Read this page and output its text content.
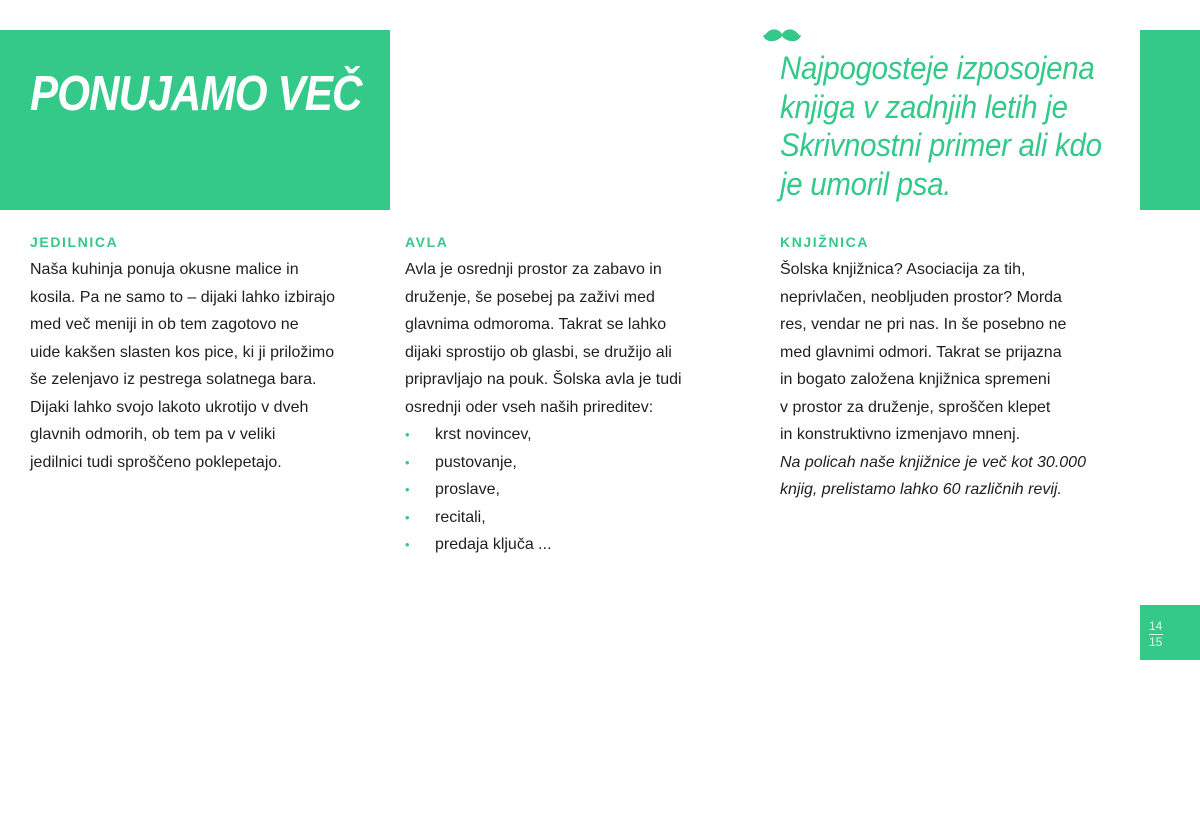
PONUJAMO VEČ	Najpogosteje izposojena
knjiga v zadnjih letih je
Skrivnostni primer ali kdo
je umoril psa.
JEDILNICA

Naša kuhinja ponuja okusne malice in
kosila. Pa ne samo to – dijaki lahko izbirajo
med več meniji in ob tem zagotovo ne
uide kakšen slasten kos pice, ki ji priložimo
še zelenjavo iz pestrega solatnega bara.
Dijaki lahko svojo lakoto ukrotijo v dveh
glavnih odmorih, ob tem pa v veliki
jedilnici tudi sproščeno poklepetajo.

AVLA

Avla je osrednji prostor za zabavo in
druženje, še posebej pa zaživi med
glavnima odmoroma. Takrat se lahko
dijaki sprostijo ob glasbi, se družijo ali
pripravljajo na pouk. Šolska avla je tudi
osrednji oder vseh naših prireditev:

• krst novincev,
• pustovanje,
• proslave,
• recitali,
• predaja ključa ...
KNJIŽNICA

Šolska knjižnica? Asociacija za tih,
neprivlačen, neobljuden prostor? Morda
res, vendar ne pri nas. In še posebno ne
med glavnimi odmori. Takrat se prijazna
in bogato založena knjižnica spremeni
v prostor za druženje, sproščen klepet
in konstruktivno izmenjavo mnenj.

Na policah naše knjižnice je več kot 30.000
knjig, prelistamo lahko 60 različnih revij.

14
15
